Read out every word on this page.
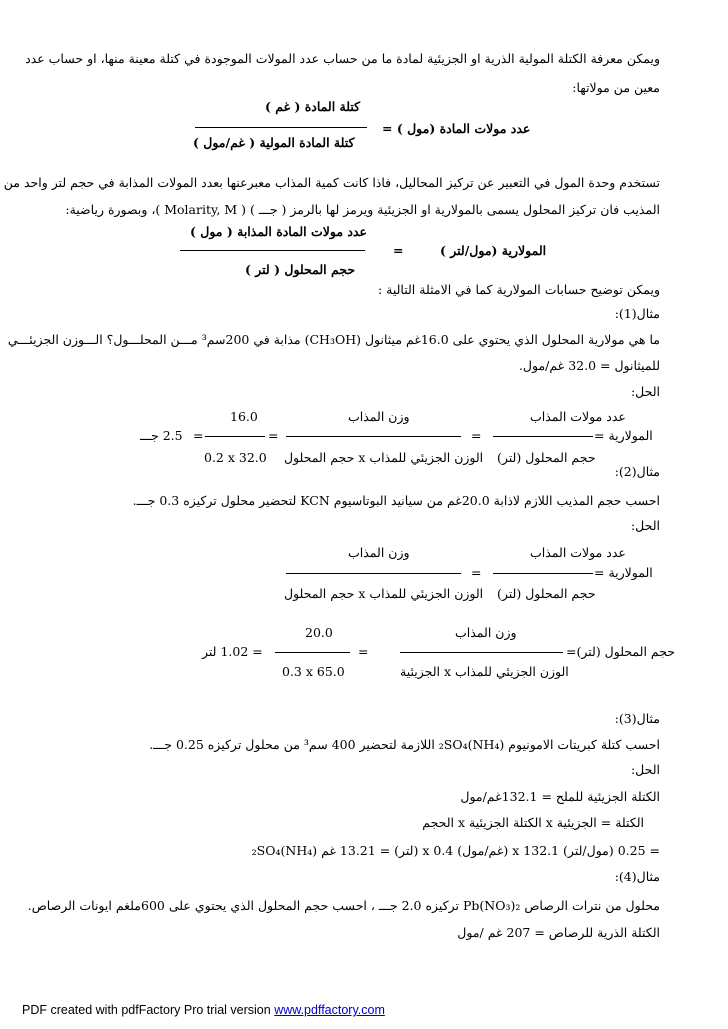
ويمكن معرفة الكتلة المولية الذرية او الجزيئية لمادة ما من حساب عدد المولات الموجودة في كتلة معينة منها، او حساب عدد
معين من مولاتها:
كتلة المادة ( غم )
عدد مولات المادة (مول ) =
كتلة المادة المولية ( غم/مول )
تستخدم وحدة المول في التعبير عن تركيز المحاليل، فاذا كانت كمية المذاب معبرعنها بعدد المولات المذابة في حجم لتر واحد من
المذيب فان تركيز المحلول يسمى بالمولارية او الجزيئية ويرمز لها بالرمز ( جـــ ) ( Molarity, M )، وبصورة رياضية:
عدد مولات المادة المذابة ( مول )
=	المولارية (مول/لتر )
حجم المحلول ( لتر )
ويمكن توضيح حسابات المولارية كما في الامثلة التالية :
مثال(1):
ما هي مولارية المحلول الذي يحتوي على 16.0غم ميثانول (CH₃OH) مذابة في 200سم³ مـــن المحلـــول؟ الـــوزن الجزيئـــي
للميثانول = 32.0 غم/مول.
الحل:
عدد مولات المذاب
وزن المذاب
16.0
المولارية =
=
=
=
2.5 جـــ
حجم المحلول (لتر)
الوزن الجزيئي للمذاب x حجم المحلول
0.2 x 32.0
مثال(2):
احسب حجم المذيب اللازم لاذابة 20.0غم من سيانيد البوتاسيوم KCN لتحضير محلول تركيزه 0.3 جـــ.
الحل:
عدد مولات المذاب
وزن المذاب
المولارية =
=
حجم المحلول (لتر)
الوزن الجزيئي للمذاب x حجم المحلول
وزن المذاب
20.0
حجم المحلول (لتر)=
=
= 1.02 لتر
الوزن الجزيئي للمذاب x الجزيئية
0.3 x 65.0
مثال(3):
احسب كتلة كبريتات الامونيوم (NH₄)₂SO₄ اللازمة لتحضير 400 سم³ من محلول تركيزه 0.25 جـــ.
الحل:
الكتلة الجزيئية للملح = 132.1غم/مول
الكتلة = الجزيئية x الكتلة الجزيئية x الحجم
= 0.25 (مول/لتر) x 132.1 (غم/مول) x 0.4 (لتر) = 13.21 غم (NH₄)₂SO₄
مثال(4):
محلول من نترات الرصاص Pb(NO₃)₂ تركيزه 2.0 جـــ ، احسب حجم المحلول الذي يحتوي على 600ملغم ايونات الرصاص.
الكتلة الذرية للرصاص = 207 غم /مول
PDF created with pdfFactory Pro trial version www.pdffactory.com
